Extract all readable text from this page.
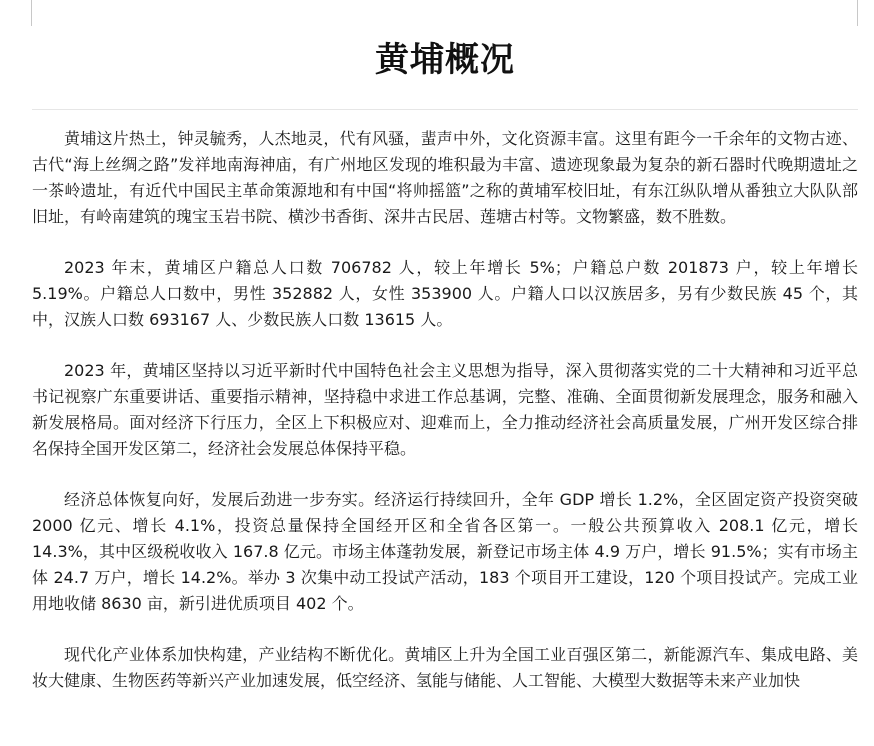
黄埔概况

黄埔这片热土，钟灵毓秀，人杰地灵，代有风骚，蜚声中外，文化资源丰富。这里有距今一千余年的文物古迹、古代“海上丝绸之路”发祥地南海神庙，有广州地区发现的堆积最为丰富、遗迹现象最为复杂的新石器时代晚期遗址之一茶岭遗址，有近代中国民主革命策源地和有中国“将帅摇篮”之称的黄埔军校旧址，有东江纵队增从番独立大队队部旧址，有岭南建筑的瑰宝玉岩书院、横沙书香街、深井古民居、莲塘古村等。文物繁盛，数不胜数。

2023 年末，黄埔区户籍总人口数 706782 人，较上年增长 5%；户籍总户数 201873 户，较上年增长 5.19%。户籍总人口数中，男性 352882 人，女性 353900 人。户籍人口以汉族居多，另有少数民族 45 个，其中，汉族人口数 693167 人、少数民族人口数 13615 人。

2023 年，黄埔区坚持以习近平新时代中国特色社会主义思想为指导，深入贯彻落实党的二十大精神和习近平总书记视察广东重要讲话、重要指示精神，坚持稳中求进工作总基调，完整、准确、全面贯彻新发展理念，服务和融入新发展格局。面对经济下行压力，全区上下积极应对、迎难而上，全力推动经济社会高质量发展，广州开发区综合排名保持全国开发区第二，经济社会发展总体保持平稳。

经济总体恢复向好，发展后劲进一步夯实。经济运行持续回升，全年 GDP 增长 1.2%，全区固定资产投资突破 2000 亿元、增长 4.1%，投资总量保持全国经开区和全省各区第一。一般公共预算收入 208.1 亿元，增长 14.3%，其中区级税收收入 167.8 亿元。市场主体蓬勃发展，新登记市场主体 4.9 万户，增长 91.5%；实有市场主体 24.7 万户，增长 14.2%。举办 3 次集中动工投试产活动，183 个项目开工建设，120 个项目投试产。完成工业用地收储 8630 亩，新引进优质项目 402 个。

现代化产业体系加快构建，产业结构不断优化。黄埔区上升为全国工业百强区第二，新能源汽车、集成电路、美妆大健康、生物医药等新兴产业加速发展，低空经济、氢能与储能、人工智能、大模型大数据等未来产业加快
